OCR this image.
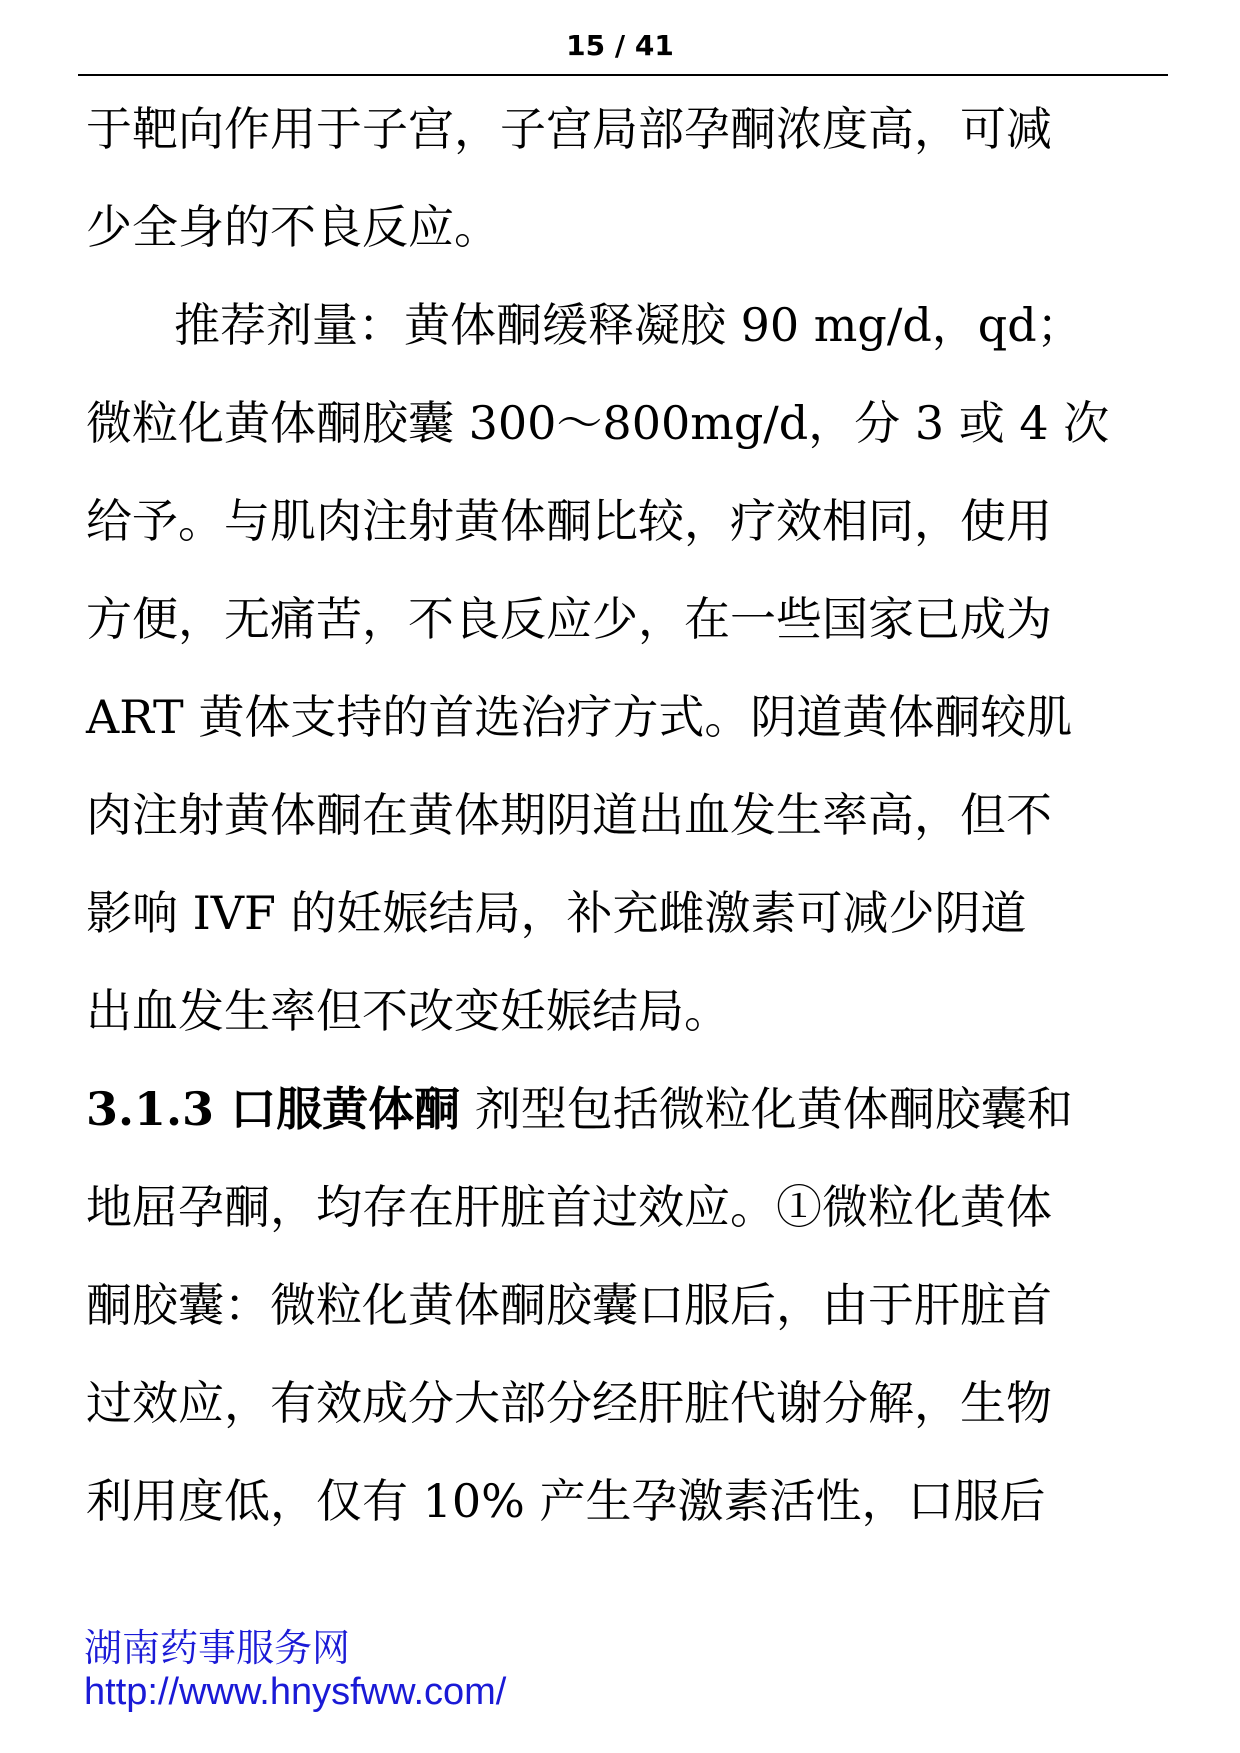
15 / 41
于靶向作用于子宫，子宫局部孕酮浓度高，可减
少全身的不良反应。
推荐剂量：黄体酮缓释凝胶 90 mg/d，qd；
微粒化黄体酮胶囊 300～800mg/d，分 3 或 4 次
给予。与肌肉注射黄体酮比较，疗效相同，使用
方便，无痛苦，不良反应少，在一些国家已成为
ART 黄体支持的首选治疗方式。阴道黄体酮较肌
肉注射黄体酮在黄体期阴道出血发生率高，但不
影响 IVF 的妊娠结局，补充雌激素可减少阴道
出血发生率但不改变妊娠结局。
3.1.3 口服黄体酮 剂型包括微粒化黄体酮胶囊和
地屈孕酮，均存在肝脏首过效应。①微粒化黄体
酮胶囊：微粒化黄体酮胶囊口服后，由于肝脏首
过效应，有效成分大部分经肝脏代谢分解，生物
利用度低，仅有 10% 产生孕激素活性，口服后
湖南药事服务网
http://www.hnysfww.com/
